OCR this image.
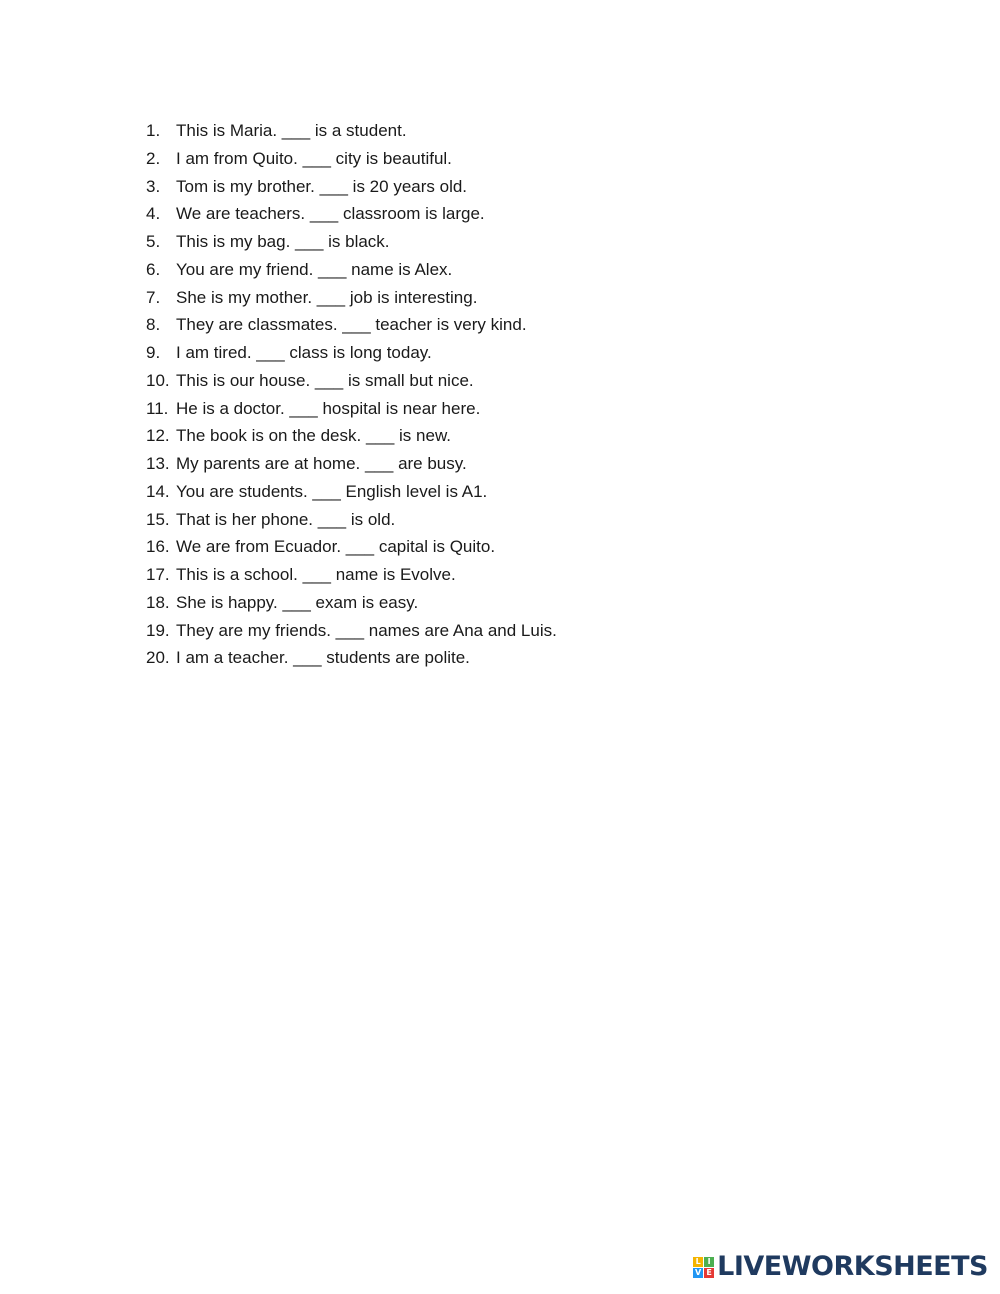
1. This is Maria. ___ is a student.
2. I am from Quito. ___ city is beautiful.
3. Tom is my brother. ___ is 20 years old.
4. We are teachers. ___ classroom is large.
5. This is my bag. ___ is black.
6. You are my friend. ___ name is Alex.
7. She is my mother. ___ job is interesting.
8. They are classmates. ___ teacher is very kind.
9. I am tired. ___ class is long today.
10. This is our house. ___ is small but nice.
11. He is a doctor. ___ hospital is near here.
12. The book is on the desk. ___ is new.
13. My parents are at home. ___ are busy.
14. You are students. ___ English level is A1.
15. That is her phone. ___ is old.
16. We are from Ecuador. ___ capital is Quito.
17. This is a school. ___ name is Evolve.
18. She is happy. ___ exam is easy.
19. They are my friends. ___ names are Ana and Luis.
20. I am a teacher. ___ students are polite.
L I
V E LIVEWORKSHEETS
